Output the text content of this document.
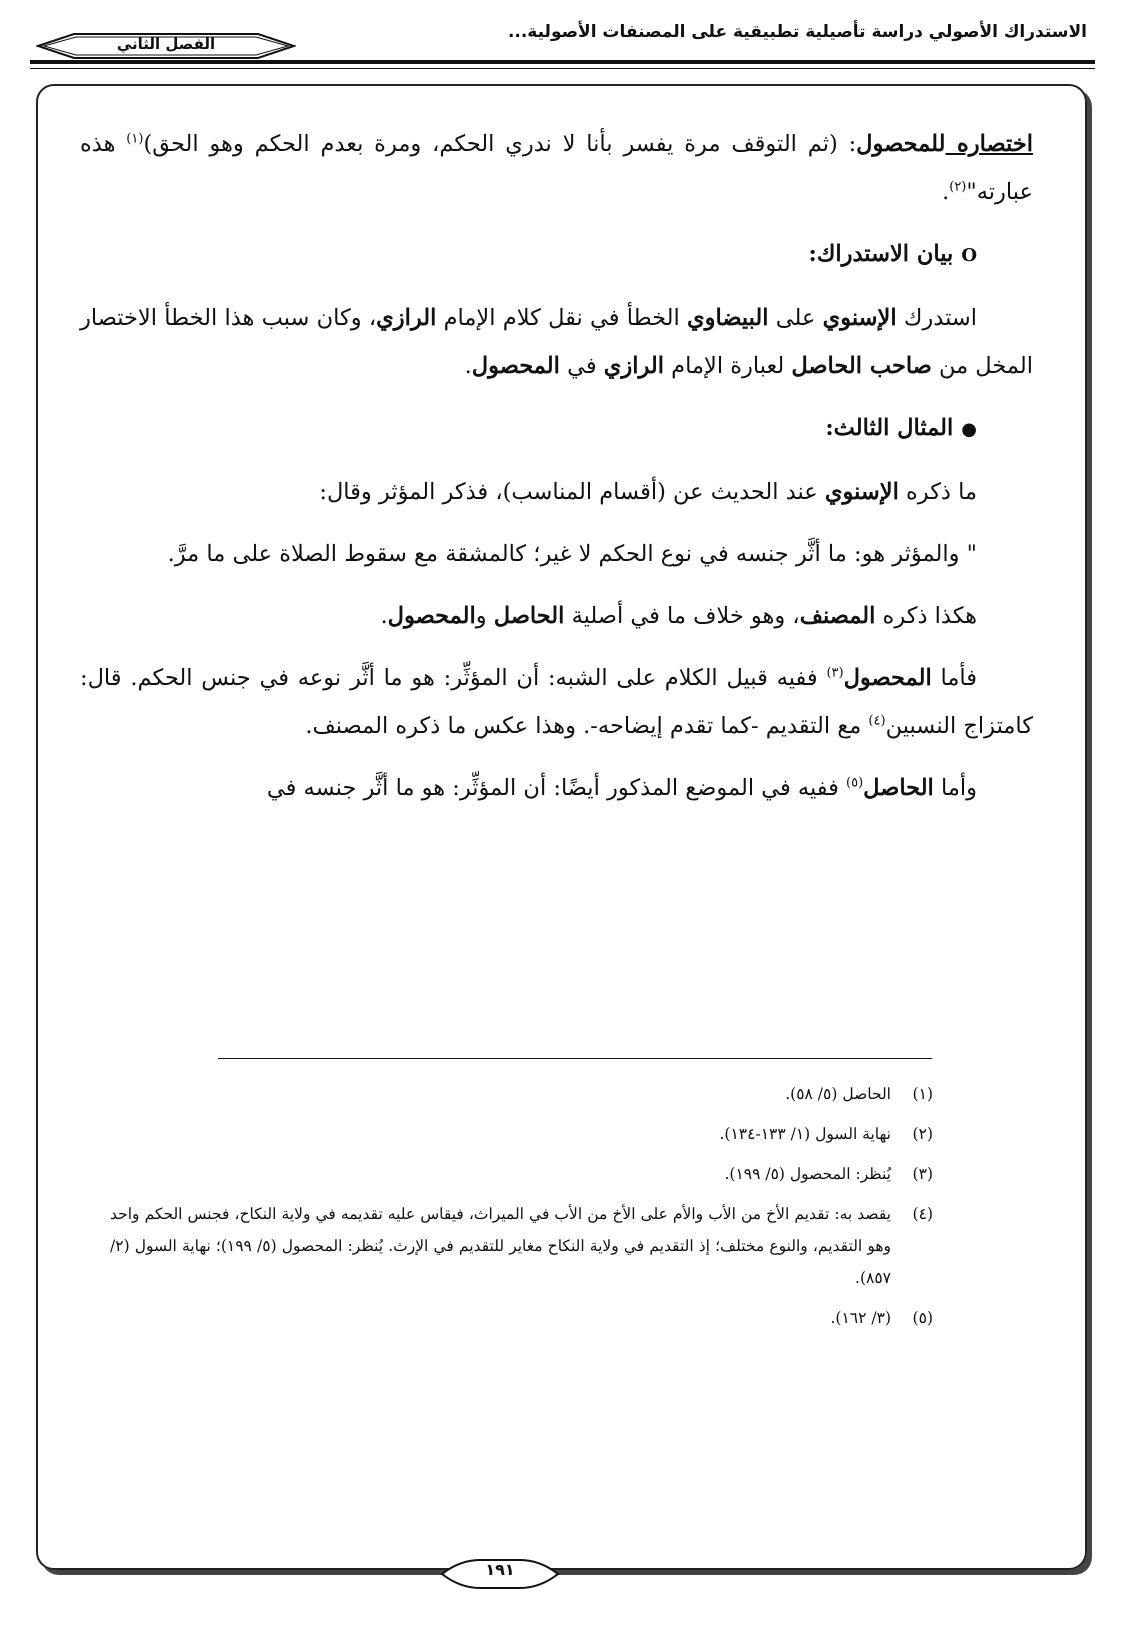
الاستدراك الأصولي دراسة تأصيلية تطبيقية على المصنفات الأصولية...
الفصل الثاني

اختصاره للمحصول: (ثم التوقف مرة يفسر بأنا لا ندري الحكم، ومرة بعدم الحكم وهو الحق)$^{(١)}$ هذه عبارته"$^{(٢)}$.

Oبيان الاستدراك:

استدرك الإسنوي على البيضاوي الخطأ في نقل كلام الإمام الرازي، وكان سبب هذا الخطأ الاختصار المخل من صاحب الحاصل لعبارة الإمام الرازي في المحصول.

●المثال الثالث:

ما ذكره الإسنوي عند الحديث عن (أقسام المناسب)، فذكر المؤثر وقال:

" والمؤثر هو: ما أثَّر جنسه في نوع الحكم لا غير؛ كالمشقة مع سقوط الصلاة على ما مرَّ.

هكذا ذكره المصنف، وهو خلاف ما في أصلية الحاصل والمحصول.

فأما المحصول$^{(٣)}$ ففيه قبيل الكلام على الشبه: أن المؤثِّر: هو ما أثَّر نوعه في جنس الحكم. قال: كامتزاج النسبين$^{(٤)}$ مع التقديم -كما تقدم إيضاحه-. وهذا عكس ما ذكره المصنف.

وأما الحاصل$^{(٥)}$ ففيه في الموضع المذكور أيضًا: أن المؤثِّر: هو ما أثَّر جنسه في

(١)
الحاصل (٥/ ٥٨).
(٢)
نهاية السول (١/ ١٣٣-١٣٤).
(٣)
يُنظر: المحصول (٥/ ١٩٩).
(٤)
يقصد به: تقديم الأخ من الأب والأم على الأخ من الأب في الميراث، فيقاس عليه تقديمه في ولاية النكاح، فجنس الحكم واحد وهو التقديم، والنوع مختلف؛ إذ التقديم في ولاية النكاح مغاير للتقديم في الإرث. يُنظر: المحصول (٥/ ١٩٩)؛ نهاية السول (٢/ ٨٥٧).
(٥)
(٣/ ١٦٢).
١٩١
